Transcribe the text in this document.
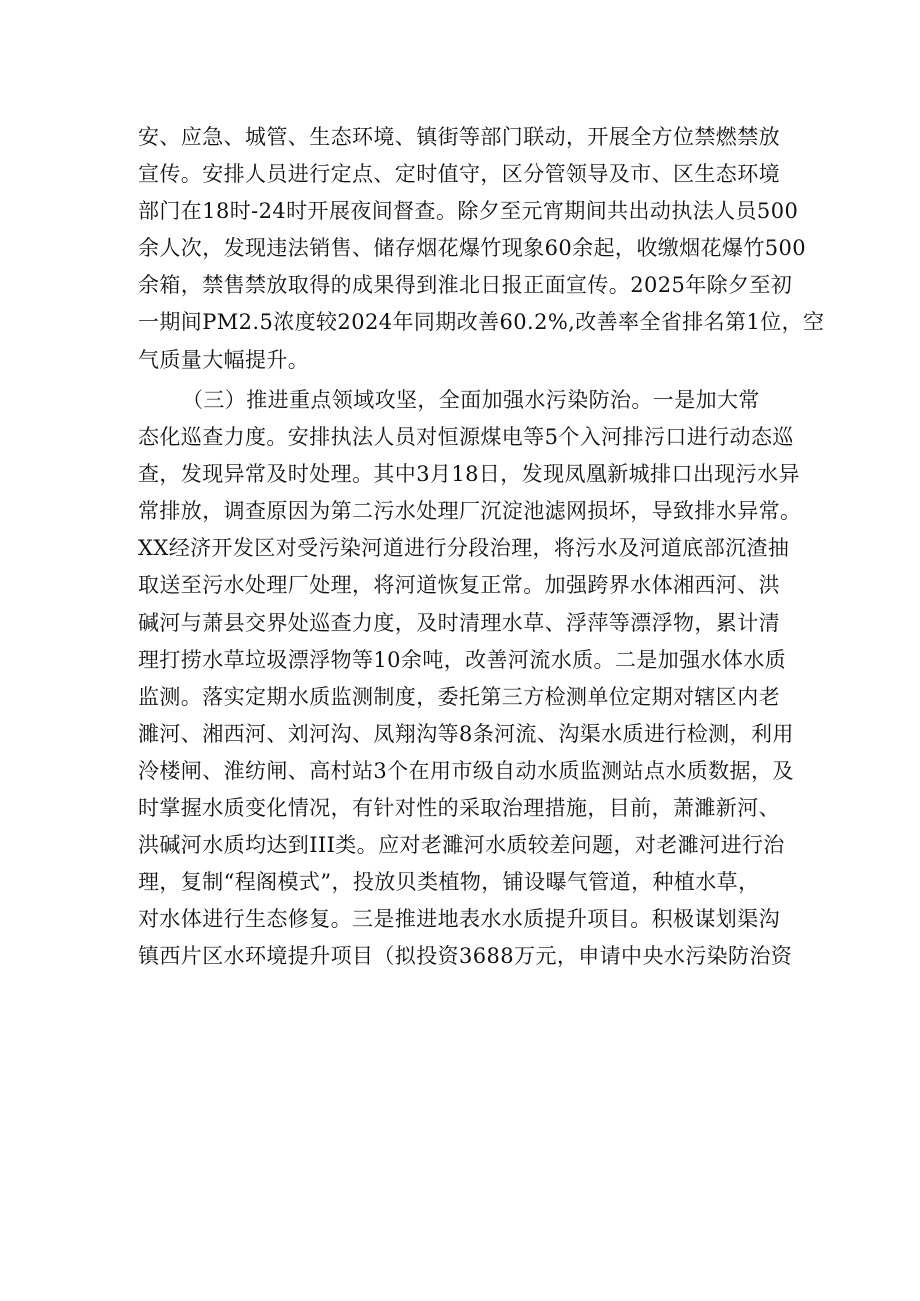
安、应急、城管、生态环境、镇街等部门联动，开展全方位禁燃禁放
宣传。安排人员进行定点、定时值守，区分管领导及市、区生态环境
部门在18时-24时开展夜间督查。除夕至元宵期间共出动执法人员500
余人次，发现违法销售、储存烟花爆竹现象60余起，收缴烟花爆竹500
余箱，禁售禁放取得的成果得到淮北日报正面宣传。2025年除夕至初
一期间PM2.5浓度较2024年同期改善60.2%,改善率全省排名第1位，空
气质量大幅提升。
（三）推进重点领域攻坚，全面加强水污染防治。一是加大常
态化巡查力度。安排执法人员对恒源煤电等5个入河排污口进行动态巡
查，发现异常及时处理。其中3月18日，发现凤凰新城排口出现污水异
常排放，调查原因为第二污水处理厂沉淀池滤网损坏，导致排水异常。
XX经济开发区对受污染河道进行分段治理，将污水及河道底部沉渣抽
取送至污水处理厂处理，将河道恢复正常。加强跨界水体湘西河、洪
碱河与萧县交界处巡查力度，及时清理水草、浮萍等漂浮物，累计清
理打捞水草垃圾漂浮物等10余吨，改善河流水质。二是加强水体水质
监测。落实定期水质监测制度，委托第三方检测单位定期对辖区内老
濉河、湘西河、刘河沟、凤翔沟等8条河流、沟渠水质进行检测，利用
泠楼闸、淮纺闸、高村站3个在用市级自动水质监测站点水质数据，及
时掌握水质变化情况，有针对性的采取治理措施，目前，萧濉新河、
洪碱河水质均达到III类。应对老濉河水质较差问题，对老濉河进行治
理，复制“程阁模式”，投放贝类植物，铺设曝气管道，种植水草，
对水体进行生态修复。三是推进地表水水质提升项目。积极谋划渠沟
镇西片区水环境提升项目（拟投资3688万元，申请中央水污染防治资
